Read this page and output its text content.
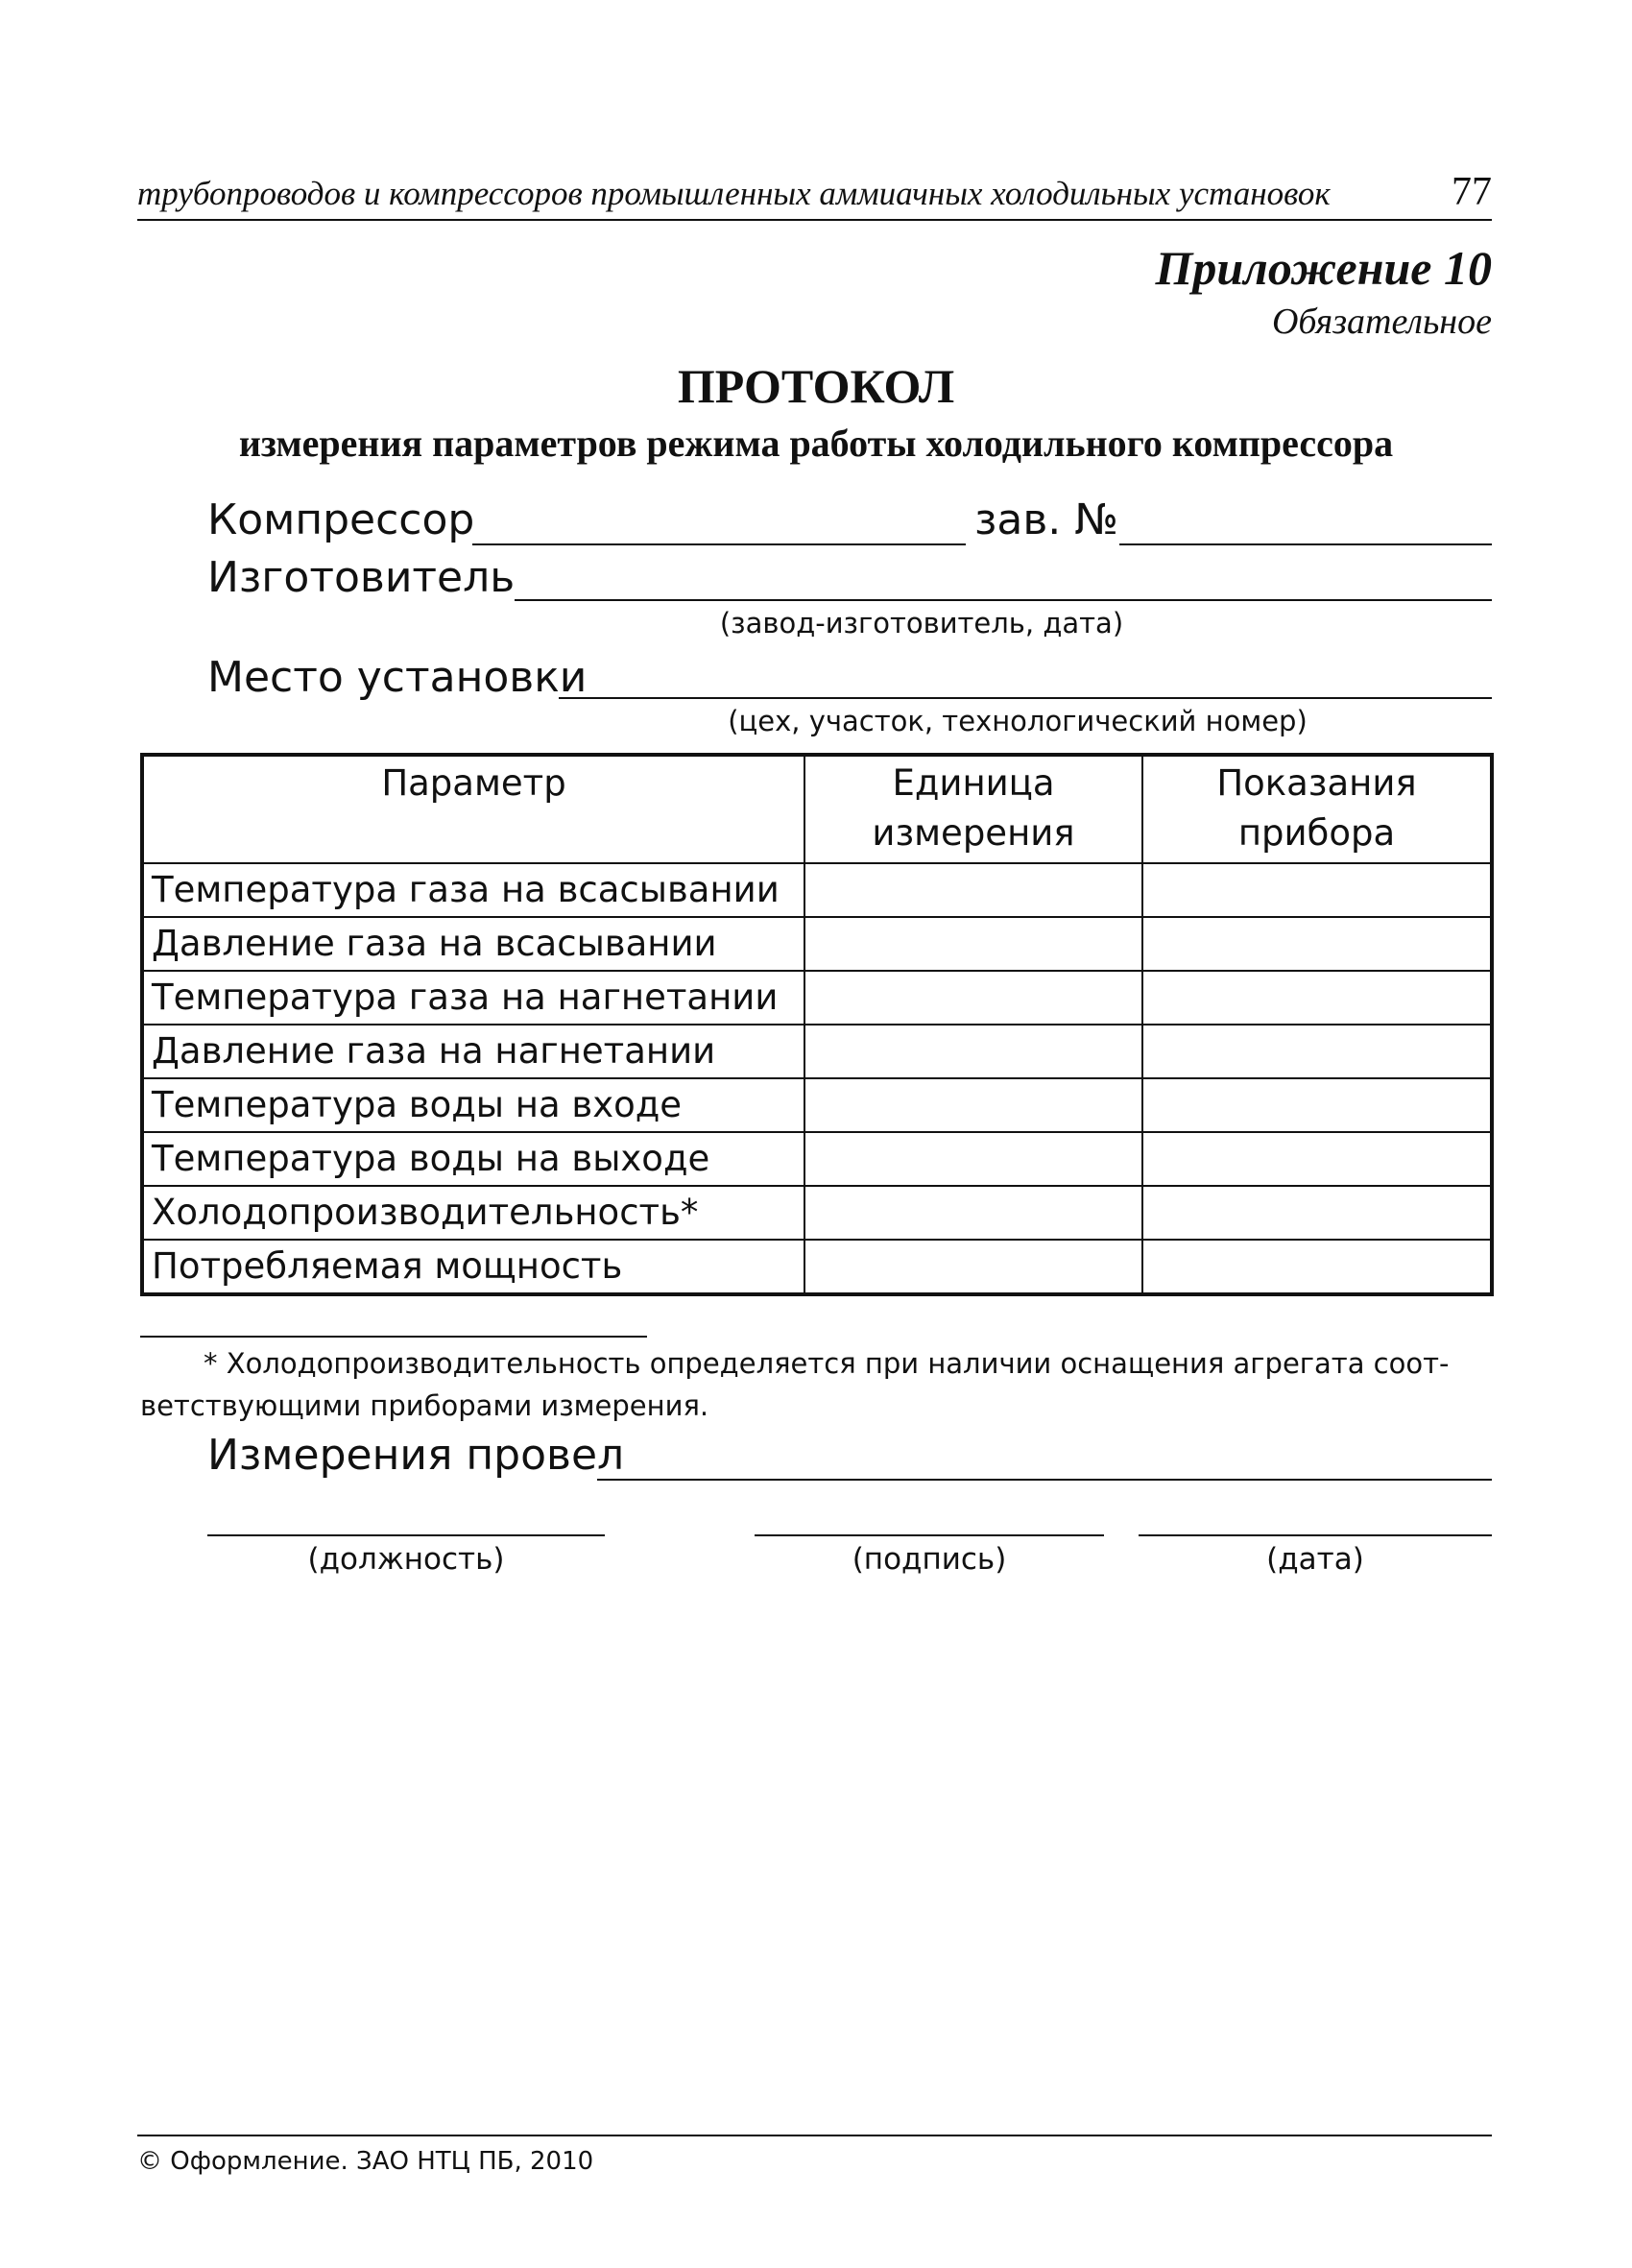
трубопроводов и компрессоров промышленных аммиачных холодильных установок	77
Приложение 10
Обязательное
ПРОТОКОЛ
измерения параметров режима работы холодильного компрессора
Компрессор	зав. №
Изготовитель
(завод-изготовитель, дата)
Место установки
(цех, участок, технологический номер)
Параметр	Единица измерения	Показания прибора
Температура газа на всасывании		
Давление газа на всасывании		
Температура газа на нагнетании		
Давление газа на нагнетании		
Температура воды на входе		
Температура воды на выходе		
Холодопроизводительность*		
Потребляемая мощность		
* Холодопроизводительность определяется при наличии оснащения агрегата соот-
ветствующими приборами измерения.
Измерения провел
(должность)	(подпись)	(дата)
© Оформление. ЗАО НТЦ ПБ, 2010
